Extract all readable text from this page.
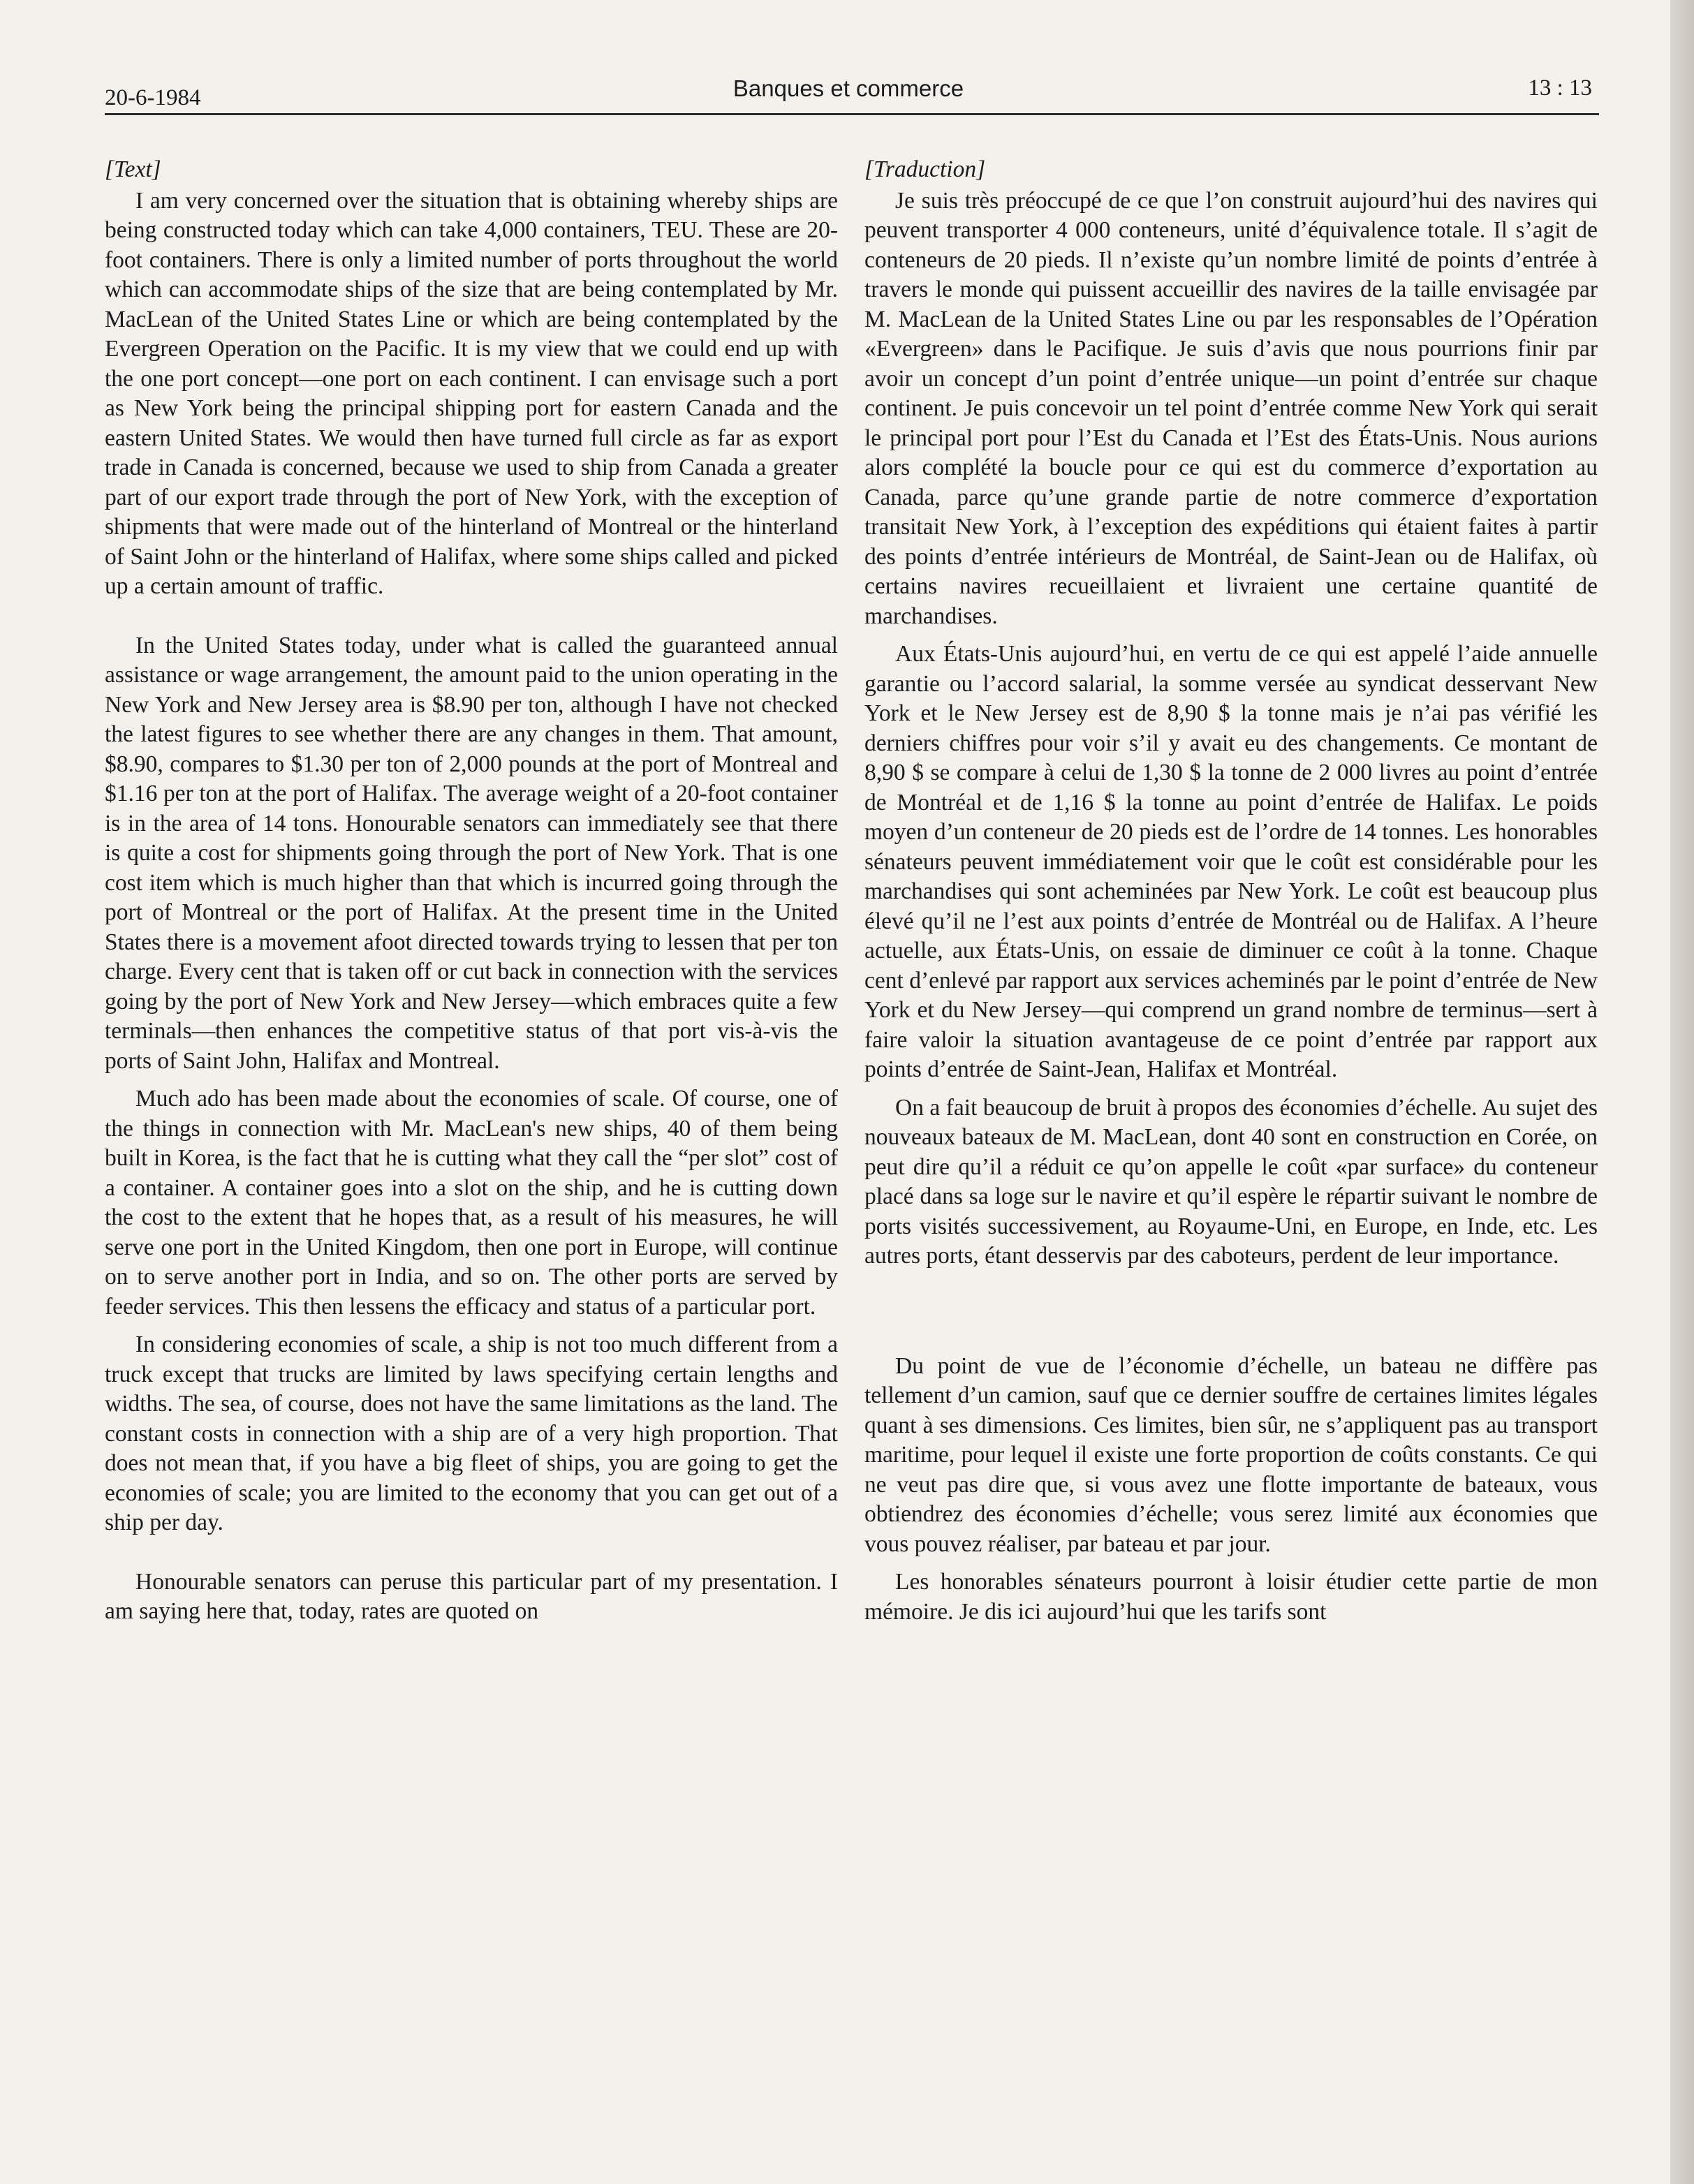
20-6-1984	Banques et commerce	13 : 13

[Text]

I am very concerned over the situation that is obtaining whereby ships are being constructed today which can take 4,000 containers, TEU. These are 20-foot containers. There is only a limited number of ports throughout the world which can accommodate ships of the size that are being contemplated by Mr. MacLean of the United States Line or which are being contemplated by the Evergreen Operation on the Pacific. It is my view that we could end up with the one port concept—one port on each continent. I can envisage such a port as New York being the principal shipping port for eastern Canada and the eastern United States. We would then have turned full circle as far as export trade in Canada is concerned, because we used to ship from Canada a greater part of our export trade through the port of New York, with the exception of shipments that were made out of the hinterland of Montreal or the hinterland of Saint John or the hinterland of Halifax, where some ships called and picked up a certain amount of traffic.

In the United States today, under what is called the guaranteed annual assistance or wage arrangement, the amount paid to the union operating in the New York and New Jersey area is $8.90 per ton, although I have not checked the latest figures to see whether there are any changes in them. That amount, $8.90, compares to $1.30 per ton of 2,000 pounds at the port of Montreal and $1.16 per ton at the port of Halifax. The average weight of a 20-foot container is in the area of 14 tons. Honourable senators can immediately see that there is quite a cost for shipments going through the port of New York. That is one cost item which is much higher than that which is incurred going through the port of Montreal or the port of Halifax. At the present time in the United States there is a movement afoot directed towards trying to lessen that per ton charge. Every cent that is taken off or cut back in connection with the services going by the port of New York and New Jersey—which embraces quite a few terminals—then enhances the competitive status of that port vis-à-vis the ports of Saint John, Halifax and Montreal.

Much ado has been made about the economies of scale. Of course, one of the things in connection with Mr. MacLean's new ships, 40 of them being built in Korea, is the fact that he is cutting what they call the “per slot” cost of a container. A container goes into a slot on the ship, and he is cutting down the cost to the extent that he hopes that, as a result of his measures, he will serve one port in the United Kingdom, then one port in Europe, will continue on to serve another port in India, and so on. The other ports are served by feeder services. This then lessens the efficacy and status of a particular port.

In considering economies of scale, a ship is not too much different from a truck except that trucks are limited by laws specifying certain lengths and widths. The sea, of course, does not have the same limitations as the land. The constant costs in connection with a ship are of a very high proportion. That does not mean that, if you have a big fleet of ships, you are going to get the economies of scale; you are limited to the economy that you can get out of a ship per day.

Honourable senators can peruse this particular part of my presentation. I am saying here that, today, rates are quoted on

[Traduction]

Je suis très préoccupé de ce que l’on construit aujourd’hui des navires qui peuvent transporter 4 000 conteneurs, unité d’équivalence totale. Il s’agit de conteneurs de 20 pieds. Il n’existe qu’un nombre limité de points d’entrée à travers le monde qui puissent accueillir des navires de la taille envisagée par M. MacLean de la United States Line ou par les responsables de l’Opération «Evergreen» dans le Pacifique. Je suis d’avis que nous pourrions finir par avoir un concept d’un point d’entrée unique—un point d’entrée sur chaque continent. Je puis concevoir un tel point d’entrée comme New York qui serait le principal port pour l’Est du Canada et l’Est des États-Unis. Nous aurions alors complété la boucle pour ce qui est du commerce d’exportation au Canada, parce qu’une grande partie de notre commerce d’exportation transitait New York, à l’exception des expéditions qui étaient faites à partir des points d’entrée intérieurs de Montréal, de Saint-Jean ou de Halifax, où certains navires recueillaient et livraient une certaine quantité de marchandises.

Aux États-Unis aujourd’hui, en vertu de ce qui est appelé l’aide annuelle garantie ou l’accord salarial, la somme versée au syndicat desservant New York et le New Jersey est de 8,90 $ la tonne mais je n’ai pas vérifié les derniers chiffres pour voir s’il y avait eu des changements. Ce montant de 8,90 $ se compare à celui de 1,30 $ la tonne de 2 000 livres au point d’entrée de Montréal et de 1,16 $ la tonne au point d’entrée de Halifax. Le poids moyen d’un conteneur de 20 pieds est de l’ordre de 14 tonnes. Les honorables sénateurs peuvent immédiatement voir que le coût est considérable pour les marchandises qui sont acheminées par New York. Le coût est beaucoup plus élevé qu’il ne l’est aux points d’entrée de Montréal ou de Halifax. A l’heure actuelle, aux États-Unis, on essaie de diminuer ce coût à la tonne. Chaque cent d’enlevé par rapport aux services acheminés par le point d’entrée de New York et du New Jersey—qui comprend un grand nombre de terminus—sert à faire valoir la situation avantageuse de ce point d’entrée par rapport aux points d’entrée de Saint-Jean, Halifax et Montréal.

On a fait beaucoup de bruit à propos des économies d’échelle. Au sujet des nouveaux bateaux de M. MacLean, dont 40 sont en construction en Corée, on peut dire qu’il a réduit ce qu’on appelle le coût «par surface» du conteneur placé dans sa loge sur le navire et qu’il espère le répartir suivant le nombre de ports visités successivement, au Royaume-Uni, en Europe, en Inde, etc. Les autres ports, étant desservis par des caboteurs, perdent de leur importance.

Du point de vue de l’économie d’échelle, un bateau ne diffère pas tellement d’un camion, sauf que ce dernier souffre de certaines limites légales quant à ses dimensions. Ces limites, bien sûr, ne s’appliquent pas au transport maritime, pour lequel il existe une forte proportion de coûts constants. Ce qui ne veut pas dire que, si vous avez une flotte importante de bateaux, vous obtiendrez des économies d’échelle; vous serez limité aux économies que vous pouvez réaliser, par bateau et par jour.

Les honorables sénateurs pourront à loisir étudier cette partie de mon mémoire. Je dis ici aujourd’hui que les tarifs sont
